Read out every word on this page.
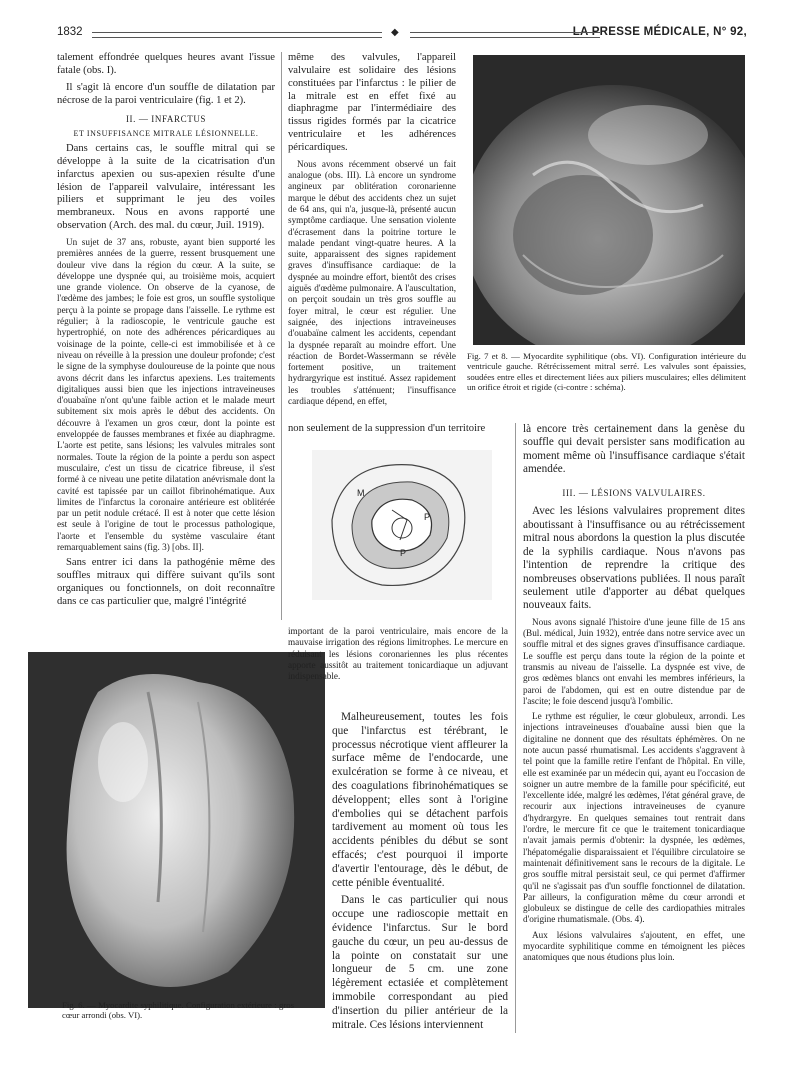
1832	LA PRESSE MÉDICALE, N° 92,
◆

talement effondrée quelques heures avant l'issue fatale (obs. I).

Il s'agit là encore d'un souffle de dilatation par nécrose de la paroi ventriculaire (fig. 1 et 2).

II. — INFARCTUS

ET INSUFFISANCE MITRALE LÉSIONNELLE.

Dans certains cas, le souffle mitral qui se développe à la suite de la cicatrisation d'un infarctus apexien ou sus-apexien résulte d'une lésion de l'appareil valvulaire, intéressant les piliers et supprimant le jeu des voiles membraneux. Nous en avons rapporté une observation (Arch. des mal. du cœur, Juil. 1919).

Un sujet de 37 ans, robuste, ayant bien supporté les premières années de la guerre, ressent brusquement une douleur vive dans la région du cœur. A la suite, se développe une dyspnée qui, au troisième mois, acquiert une grande violence. On observe de la cyanose, de l'œdème des jambes; le foie est gros, un souffle systolique perçu à la pointe se propage dans l'aisselle. Le rythme est régulier; à la radioscopie, le ventricule gauche est hypertrophié, on note des adhérences péricardiques au voisinage de la pointe, celle-ci est immobilisée et à ce niveau on réveille à la pression une douleur profonde; c'est le signe de la symphyse douloureuse de la pointe que nous avons décrit dans les infarctus apexiens. Les traitements digitaliques aussi bien que les injections intraveineuses d'ouabaïne n'ont qu'une faible action et le malade meurt subitement six mois après le début des accidents. On découvre à l'examen un gros cœur, dont la pointe est enveloppée de fausses membranes et fixée au diaphragme. L'aorte est petite, sans lésions; les valvules mitrales sont normales. Toute la région de la pointe a perdu son aspect musculaire, c'est un tissu de cicatrice fibreuse, il s'est formé à ce niveau une petite dilatation anévrismale dont la cavité est tapissée par un caillot fibrinohématique. Aux limites de l'infarctus la coronaire antérieure est oblitérée par un petit nodule crétacé. Il est à noter que cette lésion est seule à l'origine de tout le processus pathologique, l'aorte et l'ensemble du système vasculaire étant remarquablement sains (fig. 3) [obs. II].

Sans entrer ici dans la pathogénie même des souffles mitraux qui diffère suivant qu'ils sont organiques ou fonctionnels, on doit reconnaître dans ce cas particulier que, malgré l'intégrité

même des valvules, l'appareil valvulaire est solidaire des lésions constituées par l'infarctus : le pilier de la mitrale est en effet fixé au diaphragme par l'intermédiaire des tissus rigides formés par la cicatrice ventriculaire et les adhérences péricardiques.

Nous avons récemment observé un fait analogue (obs. III). Là encore un syndrome angineux par oblitération coronarienne marque le début des accidents chez un sujet de 64 ans, qui n'a, jusque-là, présenté aucun symptôme cardiaque. Une sensation violente d'écrasement dans la poitrine torture le malade pendant vingt-quatre heures. A la suite, apparaissent des signes rapidement graves d'insuffisance cardiaque: de la dyspnée au moindre effort, bientôt des crises aiguës d'œdème pulmonaire. A l'auscultation, on perçoit soudain un très gros souffle au foyer mitral, le cœur est régulier. Une saignée, des injections intraveineuses d'ouabaïne calment les accidents, cependant la dyspnée reparaît au moindre effort. Une réaction de Bordet-Wassermann se révèle fortement positive, un traitement hydrargyrique est institué. Assez rapidement les troubles s'atténuent; l'insuffisance cardiaque dépend, en effet,

non seulement de la suppression d'un territoire

Fig. 7 et 8. — Myocardite syphilitique (obs. VI). Configuration intérieure du ventricule gauche. Rétrécissement mitral serré. Les valvules sont épaissies, soudées entre elles et directement liées aux piliers musculaires; elles délimitent un orifice étroit et rigide (ci-contre : schéma).
M
P
P

là encore très certainement dans la genèse du souffle qui devait persister sans modification au moment même où l'insuffisance cardiaque s'était amendée.

III. — LÉSIONS VALVULAIRES.

Avec les lésions valvulaires proprement dites aboutissant à l'insuffisance ou au rétrécissement mitral nous abordons la question la plus discutée de la syphilis cardiaque. Nous n'avons pas l'intention de reprendre la critique des nombreuses observations publiées. Il nous paraît seulement utile d'apporter au débat quelques nouveaux faits.

Nous avons signalé l'histoire d'une jeune fille de 15 ans (Bul. médical, Juin 1932), entrée dans notre service avec un souffle mitral et des signes graves d'insuffisance cardiaque. Le souffle est perçu dans toute la région de la pointe et transmis au niveau de l'aisselle. La dyspnée est vive, de gros œdèmes blancs ont envahi les membres inférieurs, la paroi de l'abdomen, qui est en outre distendue par de l'ascite; le foie descend jusqu'à l'ombilic.

Le rythme est régulier, le cœur globuleux, arrondi. Les injections intraveineuses d'ouabaïne aussi bien que la digitaline ne donnent que des résultats éphémères. On ne note aucun passé rhumatismal. Les accidents s'aggravent à tel point que la famille retire l'enfant de l'hôpital. En ville, elle est examinée par un médecin qui, ayant eu l'occasion de soigner un autre membre de la famille pour spécificité, eut l'excellente idée, malgré les œdèmes, l'état général grave, de recourir aux injections intraveineuses de cyanure d'hydrargyre. En quelques semaines tout rentrait dans l'ordre, le mercure fit ce que le traitement tonicardiaque n'avait jamais permis d'obtenir: la dyspnée, les œdèmes, l'hépatomégalie disparaissaient et l'équilibre circulatoire se maintenait définitivement sans le recours de la digitale. Le gros souffle mitral persistait seul, ce qui permet d'affirmer qu'il ne s'agissait pas d'un souffle fonctionnel de dilatation. Par ailleurs, la configuration même du cœur arrondi et globuleux se distingue de celle des cardiopathies mitrales d'origine rhumatismale. (Obs. 4).

Aux lésions valvulaires s'ajoutent, en effet, une myocardite syphilitique comme en témoignent les pièces anatomiques que nous étudions plus loin.

Fig. 6. — Myocardite syphilitique. Configuration extérieure : gros cœur arrondi (obs. VI).

important de la paroi ventriculaire, mais encore de la mauvaise irrigation des régions limitrophes. Le mercure en réduisant les lésions coronariennes les plus récentes apporte aussitôt au traitement tonicardiaque un adjuvant indispensable.

Malheureusement, toutes les fois que l'infarctus est térébrant, le processus nécrotique vient affleurer la surface même de l'endocarde, une exulcération se forme à ce niveau, et des coagulations fibrinohématiques se développent; elles sont à l'origine d'embolies qui se détachent parfois tardivement au moment où tous les accidents pénibles du début se sont effacés; c'est pourquoi il importe d'avertir l'entourage, dès le début, de cette pénible éventualité.

Dans le cas particulier qui nous occupe une radioscopie mettait en évidence l'infarctus. Sur le bord gauche du cœur, un peu au-dessus de la pointe on constatait sur une longueur de 5 cm. une zone légèrement ectasiée et complètement immobile correspondant au pied d'insertion du pilier antérieur de la mitrale. Ces lésions interviennent
